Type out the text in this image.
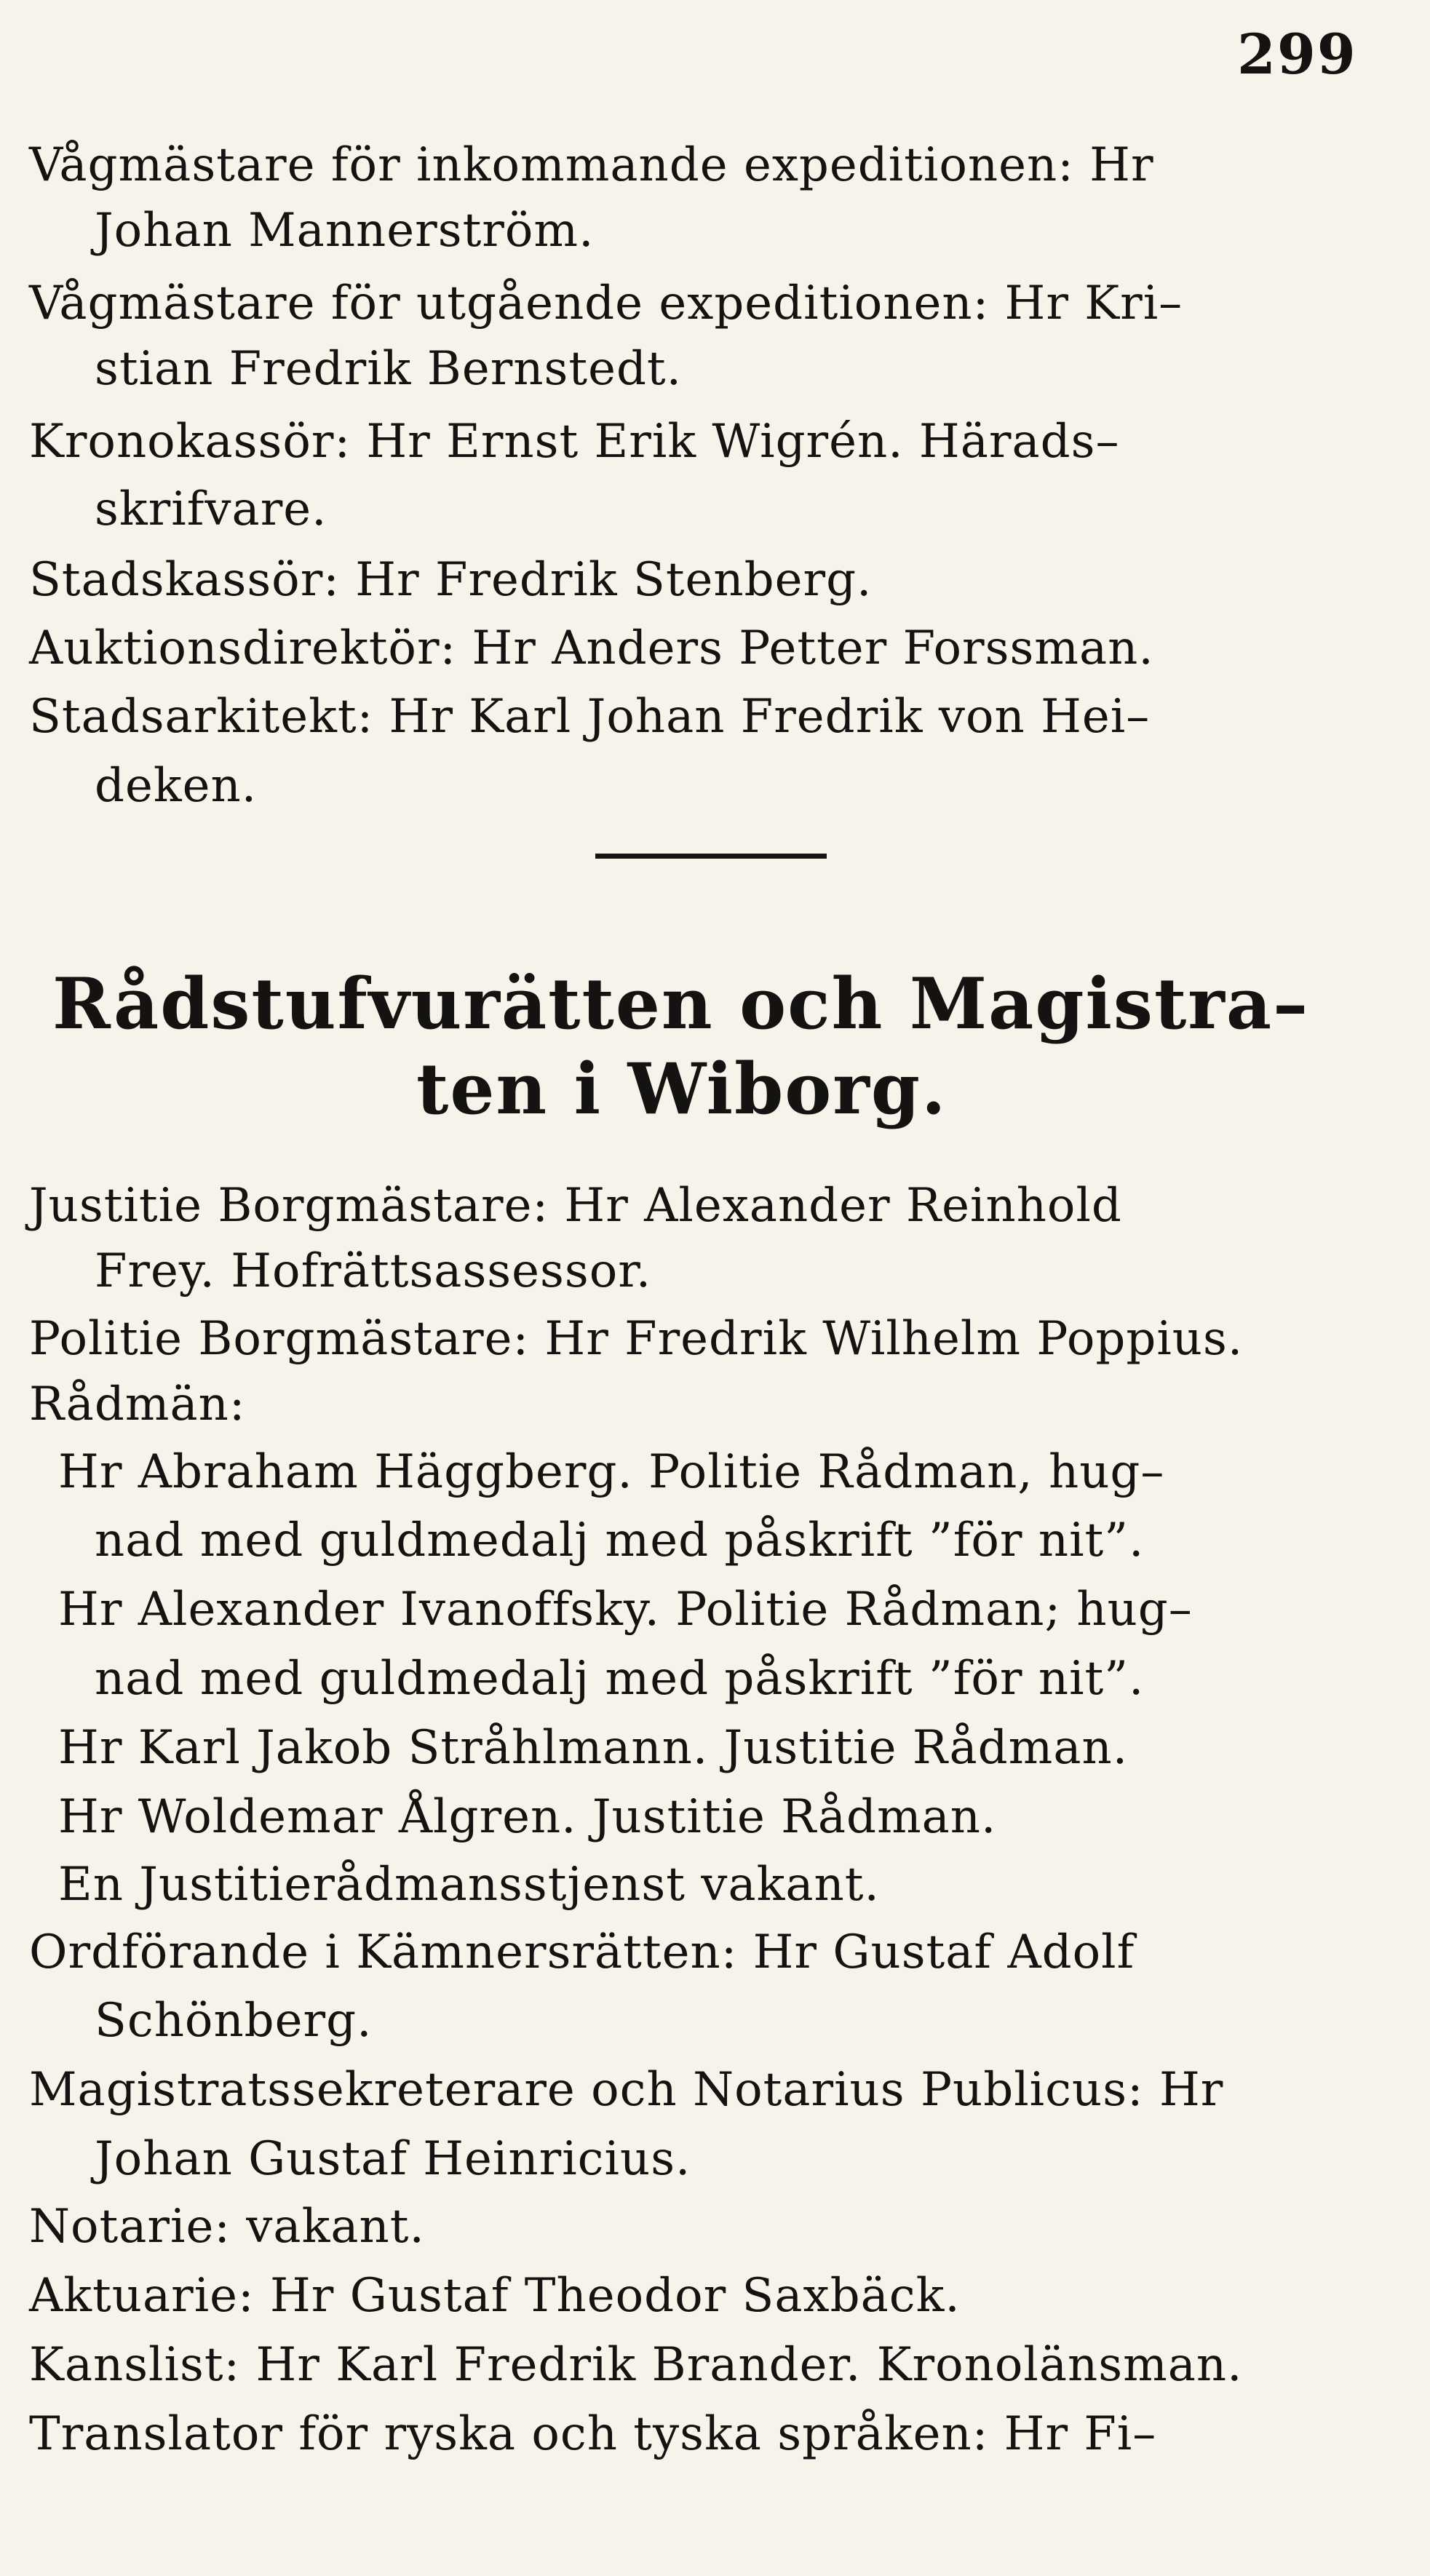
299
Vågmästare för inkommande expeditionen: Hr
Johan Mannerström.
Vågmästare för utgående expeditionen: Hr Kri–
stian Fredrik Bernstedt.
Kronokassör: Hr Ernst Erik Wigrén. Härads–
skrifvare.
Stadskassör: Hr Fredrik Stenberg.
Auktionsdirektör: Hr Anders Petter Forssman.
Stadsarkitekt: Hr Karl Johan Fredrik von Hei–
deken.
Rådstufvurätten och Magistra–
ten i Wiborg.
Justitie Borgmästare: Hr Alexander Reinhold
Frey. Hofrättsassessor.
Politie Borgmästare: Hr Fredrik Wilhelm Poppius.
Rådmän:
Hr Abraham Häggberg. Politie Rådman, hug–
nad med guldmedalj med påskrift ”för nit”.
Hr Alexander Ivanoffsky. Politie Rådman; hug–
nad med guldmedalj med påskrift ”för nit”.
Hr Karl Jakob Stråhlmann. Justitie Rådman.
Hr Woldemar Ålgren. Justitie Rådman.
En Justitierådmansstjenst vakant.
Ordförande i Kämnersrätten: Hr Gustaf Adolf
Schönberg.
Magistratssekreterare och Notarius Publicus: Hr
Johan Gustaf Heinricius.
Notarie: vakant.
Aktuarie: Hr Gustaf Theodor Saxbäck.
Kanslist: Hr Karl Fredrik Brander. Kronolänsman.
Translator för ryska och tyska språken: Hr Fi–
